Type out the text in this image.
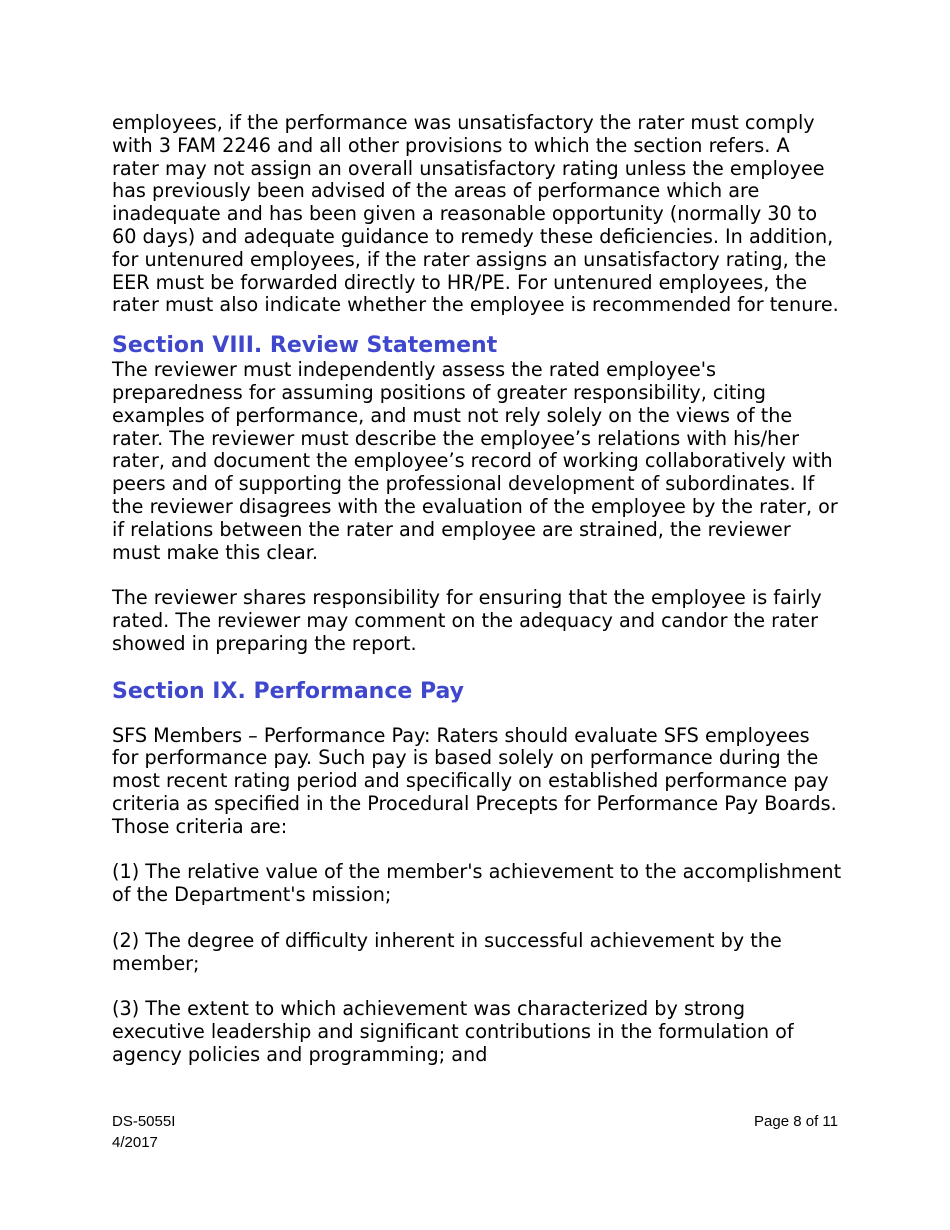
employees, if the performance was unsatisfactory the rater must comply with 3 FAM 2246 and all other provisions to which the section refers. A rater may not assign an overall unsatisfactory rating unless the employee has previously been advised of the areas of performance which are inadequate and has been given a reasonable opportunity (normally 30 to 60 days) and adequate guidance to remedy these deficiencies. In addition, for untenured employees, if the rater assigns an unsatisfactory rating, the EER must be forwarded directly to HR/PE. For untenured employees, the rater must also indicate whether the employee is recommended for tenure.

Section VIII. Review Statement

The reviewer must independently assess the rated employee's preparedness for assuming positions of greater responsibility, citing examples of performance, and must not rely solely on the views of the rater. The reviewer must describe the employee’s relations with his/her rater, and document the employee’s record of working collaboratively with peers and of supporting the professional development of subordinates. If the reviewer disagrees with the evaluation of the employee by the rater, or if relations between the rater and employee are strained, the reviewer must make this clear.

The reviewer shares responsibility for ensuring that the employee is fairly rated. The reviewer may comment on the adequacy and candor the rater showed in preparing the report.

Section IX. Performance Pay

SFS Members – Performance Pay: Raters should evaluate SFS employees for performance pay. Such pay is based solely on performance during the most recent rating period and specifically on established performance pay criteria as specified in the Procedural Precepts for Performance Pay Boards. Those criteria are:

(1) The relative value of the member's achievement to the accomplishment of the Department's mission;

(2) The degree of difficulty inherent in successful achievement by the member;

(3) The extent to which achievement was characterized by strong executive leadership and significant contributions in the formulation of agency policies and programming; and

DS-5055I
4/2017
Page 8 of 11
